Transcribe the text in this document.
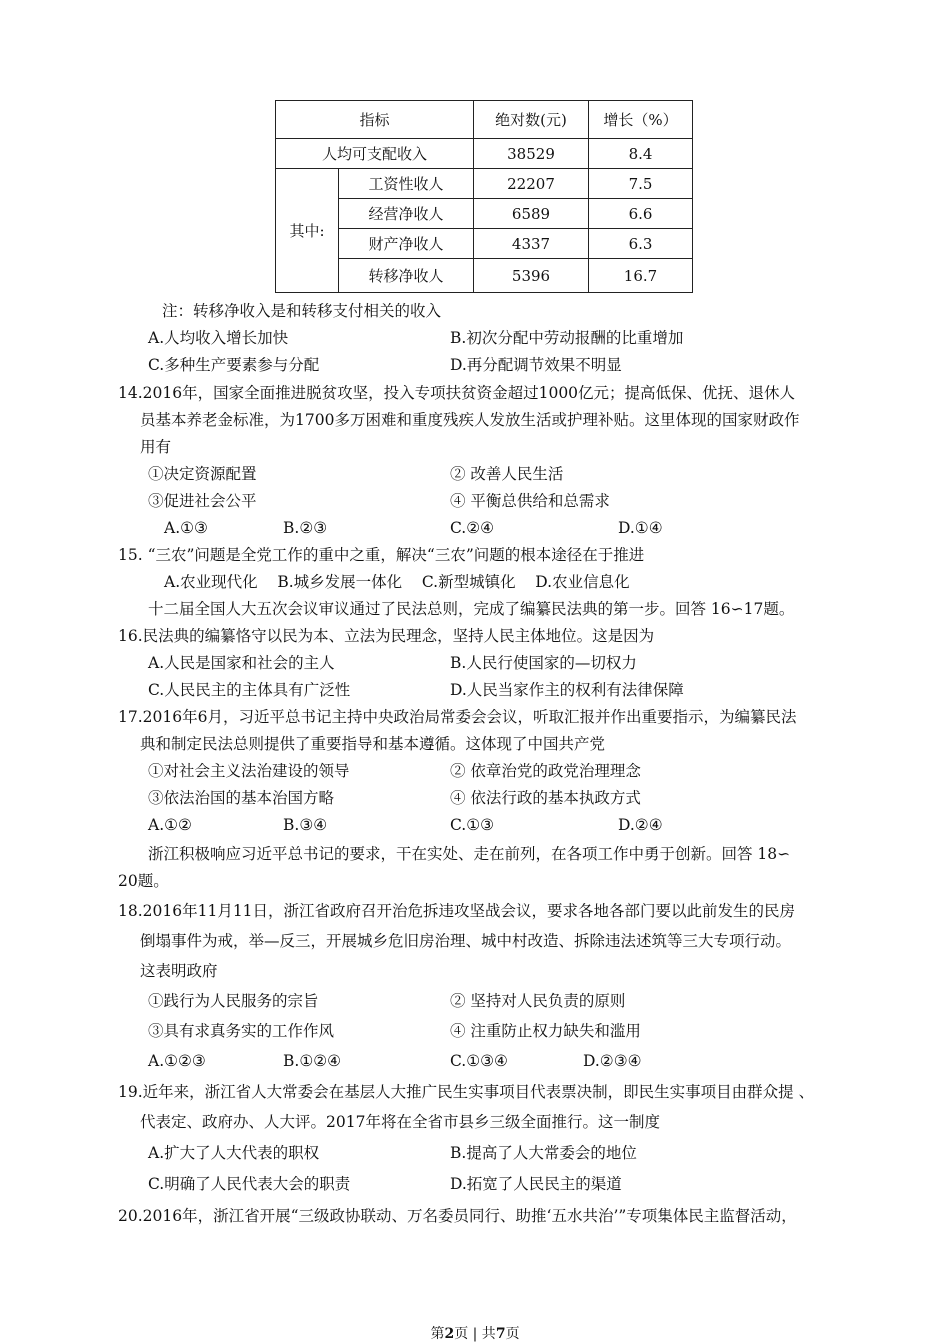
指标		绝对数(元)	增长（%）
人均可支配收入		38529	8.4
其中:	工资性收人	22207	7.5
	经营净收人	6589	6.6
	财产净收人	4337	6.3
	转移净收人	5396	16.7
注：转移净收入是和转移支付相关的收入
A.人均收入增长加快	B.初次分配中劳动报酬的比重增加
C.多种生产要素参与分配	D.再分配调节效果不明显
14.2016年，国家全面推进脱贫攻坚，投入专项扶贫资金超过1000亿元；提高低保、优抚、退休人
员基本养老金标准，为1700多万困难和重度残疾人发放生活或护理补贴。这里体现的国家财政作
用有
①决定资源配置	② 改善人民生活
③促进社会公平	④ 平衡总供给和总需求
A.①③	B.②③	C.②④	D.①④
15. “三农”问题是全党工作的重中之重，解决“三农”问题的根本途径在于推进
A.农业现代化    B.城乡发展一体化    C.新型城镇化    D.农业信息化
十二届全国人大五次会议审议通过了民法总则，完成了编纂民法典的第一步。回答 16∽17题。
16.民法典的编纂恪守以民为本、立法为民理念，坚持人民主体地位。这是因为
A.人民是国家和社会的主人	B.人民行使国家的—切权力
C.人民民主的主体具有广泛性	D.人民当家作主的权利有法律保障
17.2016年6月，习近平总书记主持中央政治局常委会会议，听取汇报并作出重要指示，为编纂民法
典和制定民法总则提供了重要指导和基本遵循。这体现了中国共产党
①对社会主义法治建设的领导	② 依章治党的政党治理理念
③依法治国的基本治国方略	④ 依法行政的基本执政方式
A.①②	B.③④	C.①③	D.②④
浙江积极响应习近平总书记的要求，干在实处、走在前列，在各项工作中勇于创新。回答 18∽
20题。
18.2016年11月11日，浙江省政府召开治危拆违攻坚战会议，要求各地各部门要以此前发生的民房
倒塌事件为戒，举—反三，开展城乡危旧房治理、城中村改造、拆除违法述筑等三大专项行动。
这表明政府
①践行为人民服务的宗旨	② 坚持对人民负责的原则
③具有求真务实的工作作风	④ 注重防止权力缺失和滥用
A.①②③	B.①②④	C.①③④	D.②③④
19.近年来，浙江省人大常委会在基层人大推广民生实事项目代表票决制，即民生实事项目由群众提 、
代表定、政府办、人大评。2017年将在全省市县乡三级全面推行。这一制度
A.扩大了人大代表的职权	B.提高了人大常委会的地位
C.明确了人民代表大会的职责	D.拓宽了人民民主的渠道
20.2016年，浙江省开展“三级政协联动、万名委员同行、助推‘五水共治’”专项集体民主监督活动，
第2页 | 共7页
